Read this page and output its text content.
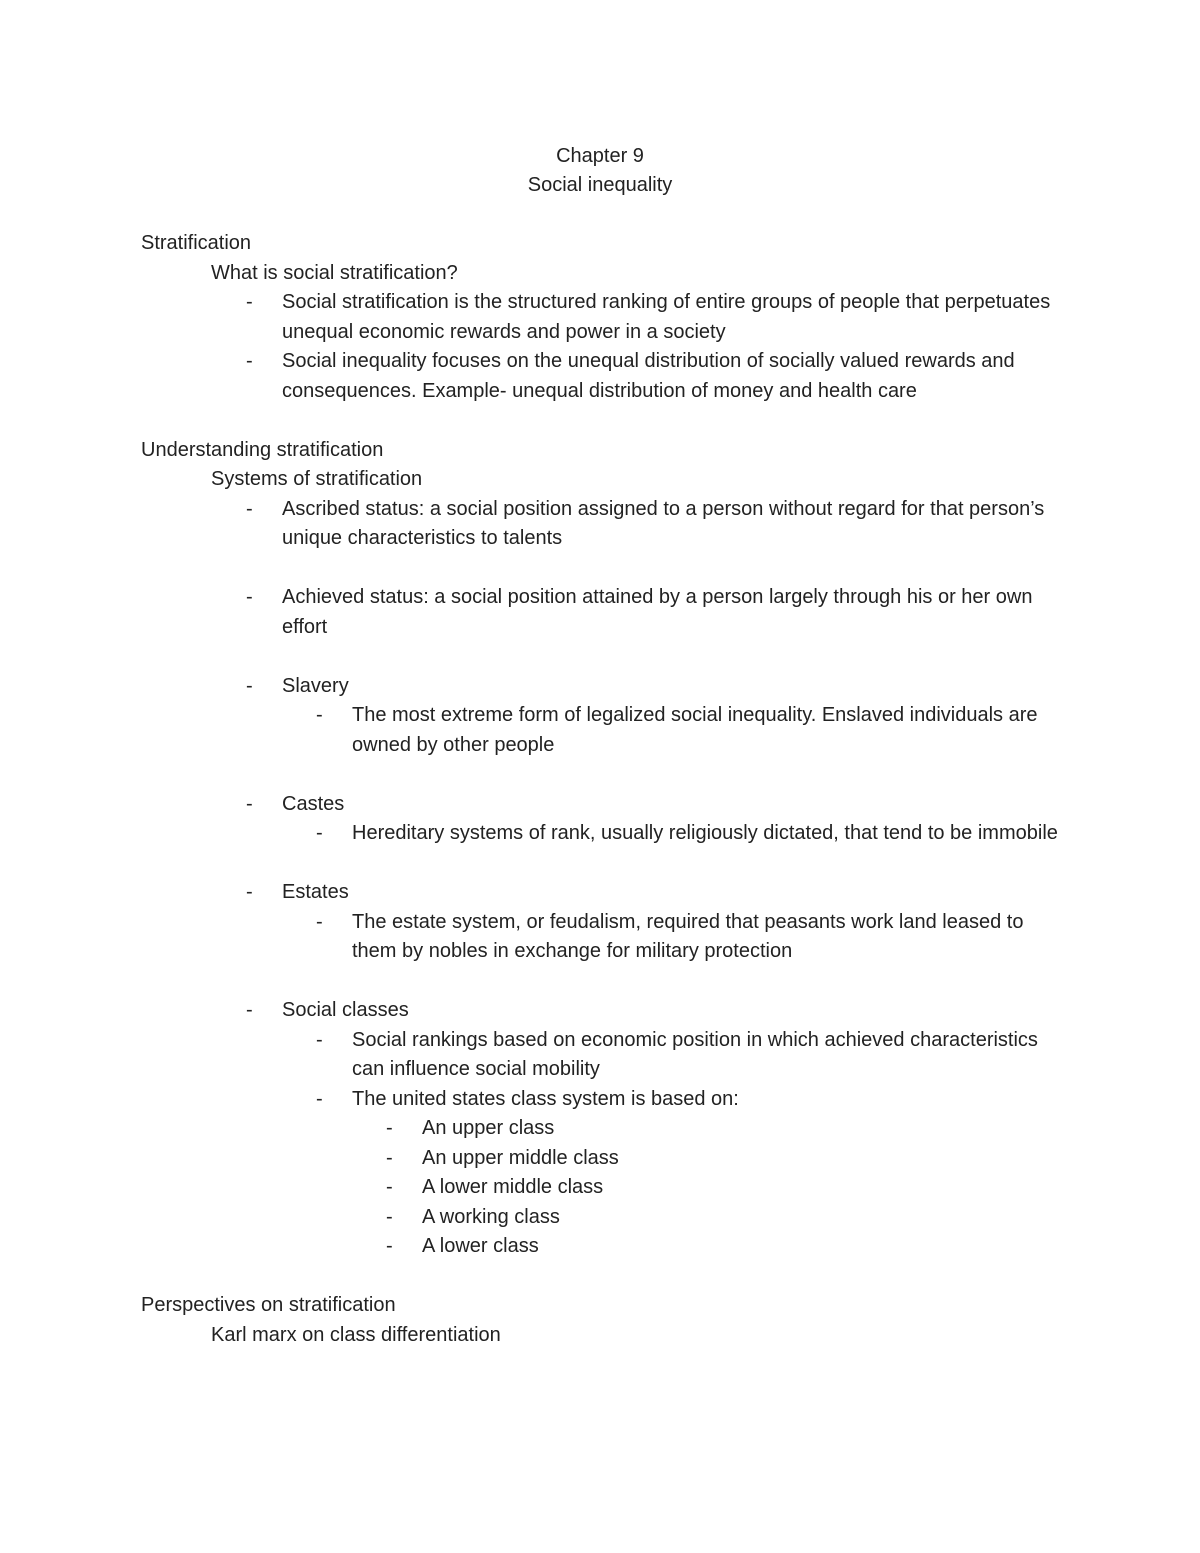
Chapter 9
Social inequality
Stratification
What is social stratification?
-	Social stratification is the structured ranking of entire groups of people that perpetuates unequal economic rewards and power in a society
-	Social inequality focuses on the unequal distribution of socially valued rewards and consequences. Example- unequal distribution of money and health care
Understanding stratification
Systems of stratification
-	Ascribed status: a social position assigned to a person without regard for that person’s unique characteristics to talents
-	Achieved status: a social position attained by a person largely through his or her own effort
-	Slavery
-	The most extreme form of legalized social inequality. Enslaved individuals are owned by other people
-	Castes
-	Hereditary systems of rank, usually religiously dictated, that tend to be immobile
-	Estates
-	The estate system, or feudalism, required that peasants work land leased to them by nobles in exchange for military protection
-	Social classes
-	Social rankings based on economic position in which achieved characteristics can influence social mobility
-	The united states class system is based on:
-	An upper class
-	An upper middle class
-	A lower middle class
-	A working class
-	A lower class
Perspectives on stratification
Karl marx on class differentiation
